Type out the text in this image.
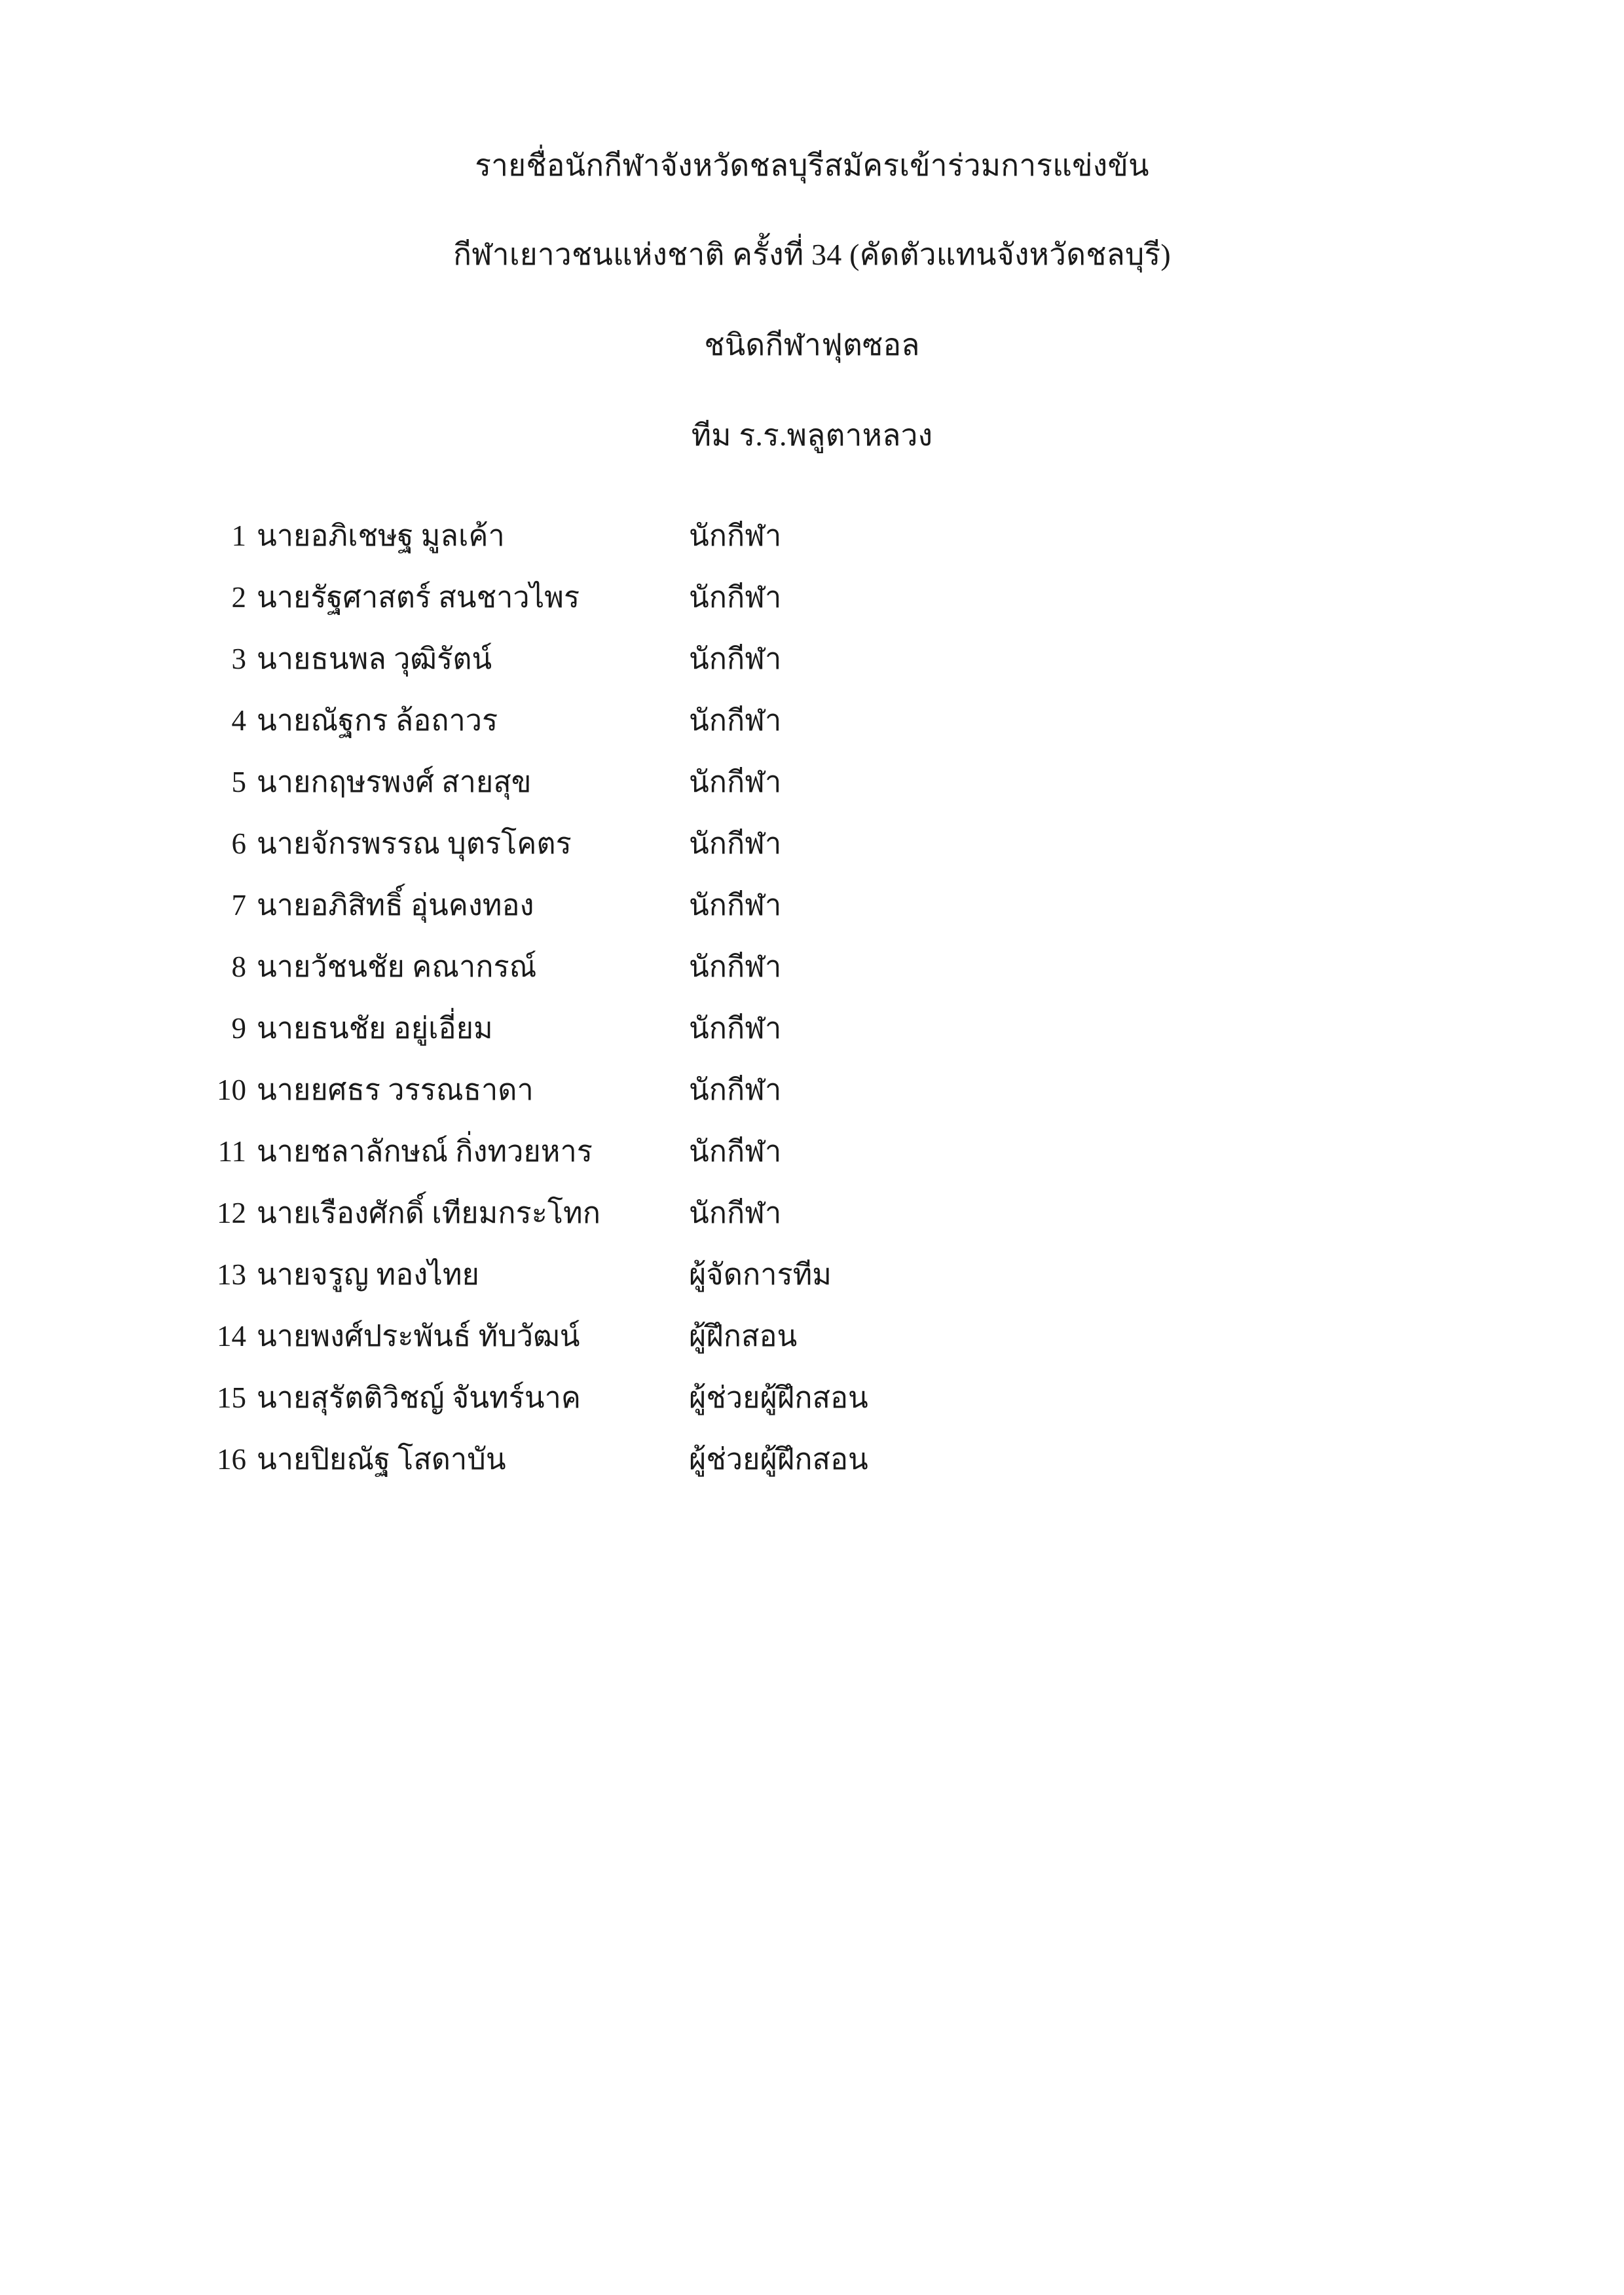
รายชื่อนักกีฬาจังหวัดชลบุรีสมัครเข้าร่วมการแข่งขัน
กีฬาเยาวชนแห่งชาติ ครั้งที่ 34 (คัดตัวแทนจังหวัดชลบุรี)
ชนิดกีฬาฟุตซอล
ทีม ร.ร.พลูตาหลวง
1 นายอภิเชษฐ มูลเค้า	นักกีฬา
2 นายรัฐศาสตร์ สนชาวไพร	นักกีฬา
3 นายธนพล วุฒิรัตน์	นักกีฬา
4 นายณัฐกร ล้อถาวร	นักกีฬา
5 นายกฤษรพงศ์ สายสุข	นักกีฬา
6 นายจักรพรรณ บุตรโคตร	นักกีฬา
7 นายอภิสิทธิ์ อุ่นคงทอง	นักกีฬา
8 นายวัชนชัย คณากรณ์	นักกีฬา
9 นายธนชัย อยู่เอี่ยม	นักกีฬา
10 นายยศธร วรรณธาดา	นักกีฬา
11 นายชลาลักษณ์ กิ่งทวยหาร	นักกีฬา
12 นายเรืองศักดิ์ เทียมกระโทก	นักกีฬา
13 นายจรูญ ทองไทย	ผู้จัดการทีม
14 นายพงศ์ประพันธ์ ทับวัฒน์	ผู้ฝึกสอน
15 นายสุรัตติวิชญ์ จันทร์นาค	ผู้ช่วยผู้ฝึกสอน
16 นายปิยณัฐ โสดาบัน	ผู้ช่วยผู้ฝึกสอน
